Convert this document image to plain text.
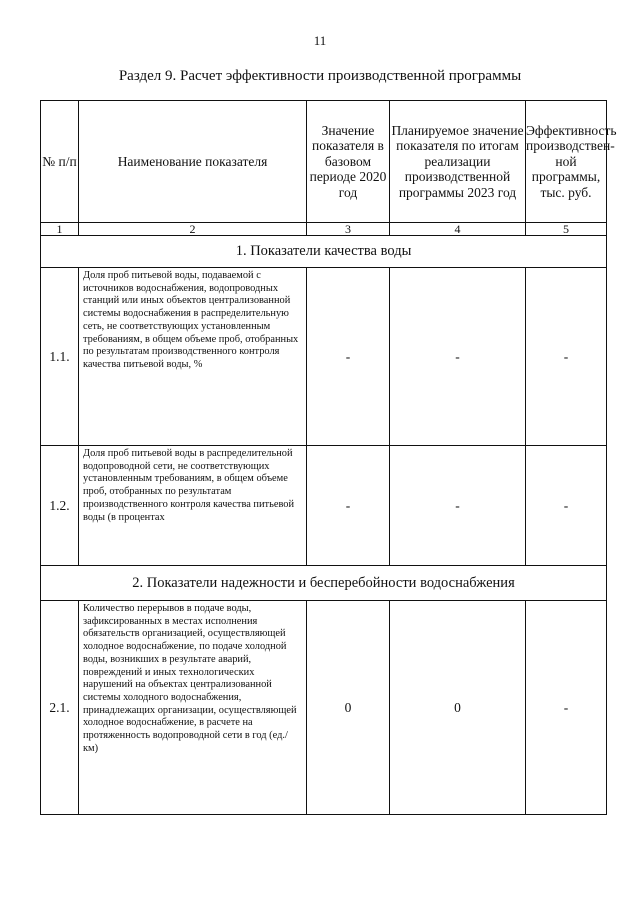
11
Раздел 9. Расчет эффективности производственной программы
№ п/п	Наименование показателя	Значение показателя в базовом периоде 2020 год	Планируемое значение показателя по итогам реализации производственной программы 2023 год	Эффективность производствен-ной программы, тыс. руб.
1	2	3	4	5
1. Показатели качества воды				
1.1.	Доля проб питьевой воды, подаваемой с источников водоснабжения, водопроводных станций или иных объектов централизованной системы водоснабжения в распределительную сеть, не соответствующих установленным требованиям, в общем объеме проб, отобранных по результатам производственного контроля качества питьевой воды, %	-	-	-
1.2.	Доля проб питьевой воды в распределительной водопроводной сети, не соответствующих установленным требованиям, в общем объеме проб, отобранных по результатам производственного контроля качества питьевой воды (в процентах	-	-	-
2. Показатели надежности и бесперебойности водоснабжения				
2.1.	Количество перерывов в подаче воды, зафиксированных в местах исполнения обязательств организацией, осуществляющей холодное водоснабжение, по подаче холодной воды, возникших в результате аварий, повреждений и иных технологических нарушений на объектах централизованной системы холодного водоснабжения, принадлежащих организации, осуществляющей холодное водоснабжение, в расчете на протяженность водопроводной сети в год (ед./км)	0	0	-
